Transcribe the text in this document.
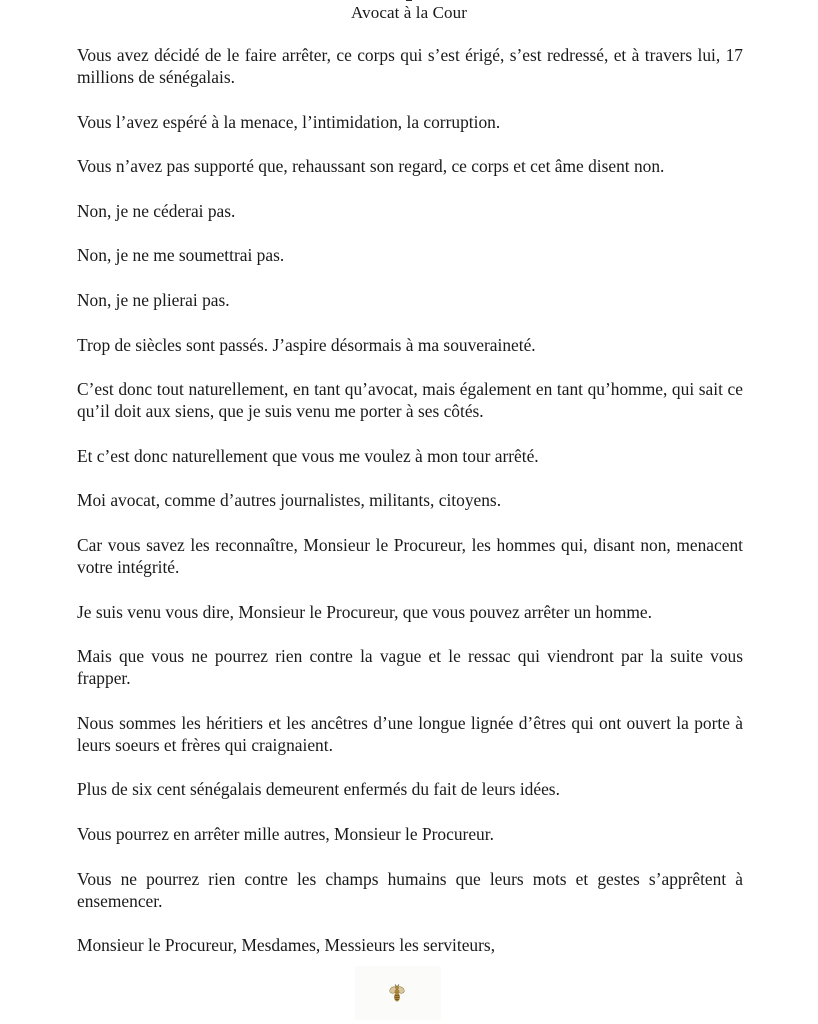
Avocat à la Cour

Vous avez décidé de le faire arrêter, ce corps qui s’est érigé, s’est redressé, et à travers lui, 17 millions de sénégalais.

Vous l’avez espéré à la menace, l’intimidation, la corruption.

Vous n’avez pas supporté que, rehaussant son regard, ce corps et cet âme disent non.

Non, je ne céderai pas.

Non, je ne me soumettrai pas.

Non, je ne plierai pas.

Trop de siècles sont passés. J’aspire désormais à ma souveraineté.

C’est donc tout naturellement, en tant qu’avocat, mais également en tant qu’homme, qui sait ce qu’il doit aux siens, que je suis venu me porter à ses côtés.

Et c’est donc naturellement que vous me voulez à mon tour arrêté.

Moi avocat, comme d’autres journalistes, militants, citoyens.

Car vous savez les reconnaître, Monsieur le Procureur, les hommes qui, disant non, menacent votre intégrité.

Je suis venu vous dire, Monsieur le Procureur, que vous pouvez arrêter un homme.

Mais que vous ne pourrez rien contre la vague et le ressac qui viendront par la suite vous frapper.

Nous sommes les héritiers et les ancêtres d’une longue lignée d’êtres qui ont ouvert la porte à leurs soeurs et frères qui craignaient.

Plus de six cent sénégalais demeurent enfermés du fait de leurs idées.

Vous pourrez en arrêter mille autres, Monsieur le Procureur.

Vous ne pourrez rien contre les champs humains que leurs mots et gestes s’apprêtent à ensemencer.

Monsieur le Procureur, Mesdames, Messieurs les serviteurs,
